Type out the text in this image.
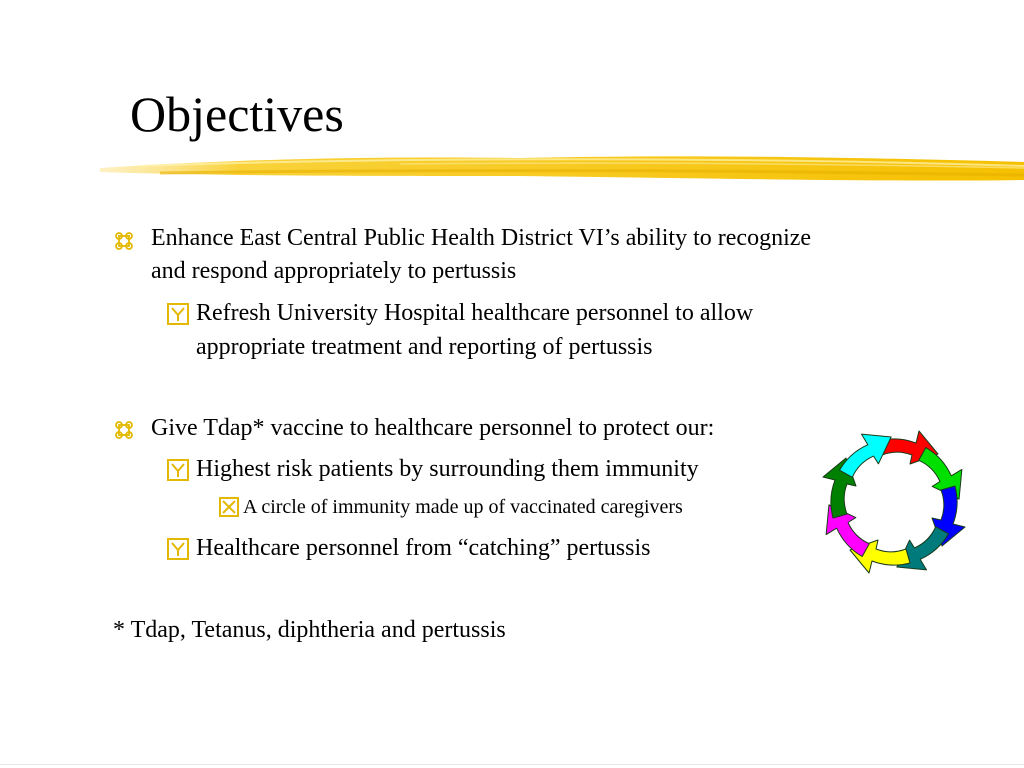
Objectives
Enhance East Central Public Health District VI’s ability to recognize
and respond appropriately to pertussis
Refresh University Hospital healthcare personnel to allow
appropriate treatment and reporting of pertussis
Give Tdap* vaccine to healthcare personnel to protect our:
Highest risk patients by surrounding them immunity
A circle of immunity made up of vaccinated caregivers
Healthcare personnel from “catching” pertussis
* Tdap, Tetanus, diphtheria and pertussis
